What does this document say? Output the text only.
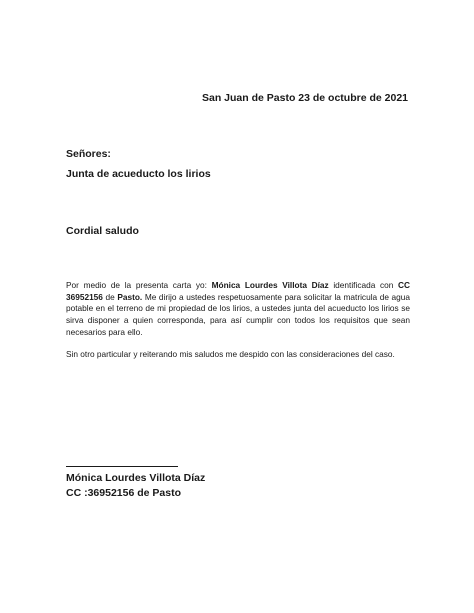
San Juan de Pasto 23 de octubre de 2021
Señores:
Junta de acueducto los lirios
Cordial saludo

Por medio de la presenta carta yo: Mónica Lourdes Villota Díaz identificada con CC 36952156 de Pasto. Me dirijo a ustedes respetuosamente para solicitar la matricula de agua potable en el terreno de mi propiedad de los lirios, a ustedes junta del acueducto los lirios se sirva disponer a quien corresponda, para así cumplir con todos los requisitos que sean necesarios para ello.

Sin otro particular y reiterando mis saludos me despido con las consideraciones del caso.

Mónica Lourdes Villota Díaz
CC :36952156 de Pasto
